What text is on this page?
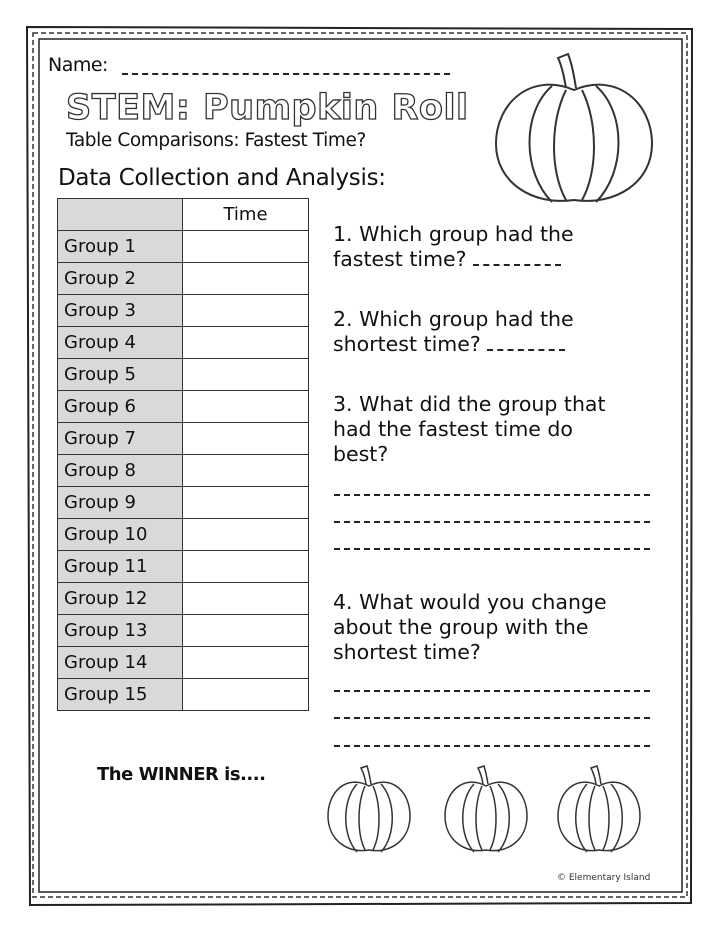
Name:
STEM: Pumpkin Roll
Table Comparisons: Fastest Time?
Data Collection and Analysis:
	Time
Group 1	
Group 2	
Group 3	
Group 4	
Group 5	
Group 6	
Group 7	
Group 8	
Group 9	
Group 10	
Group 11	
Group 12	
Group 13	
Group 14	
Group 15	
1. Which group had the
fastest time?
2. Which group had the
shortest time?
3. What did the group that
had the fastest time do
best?
4. What would you change
about the group with the
shortest time?
The WINNER is....
© Elementary Island
